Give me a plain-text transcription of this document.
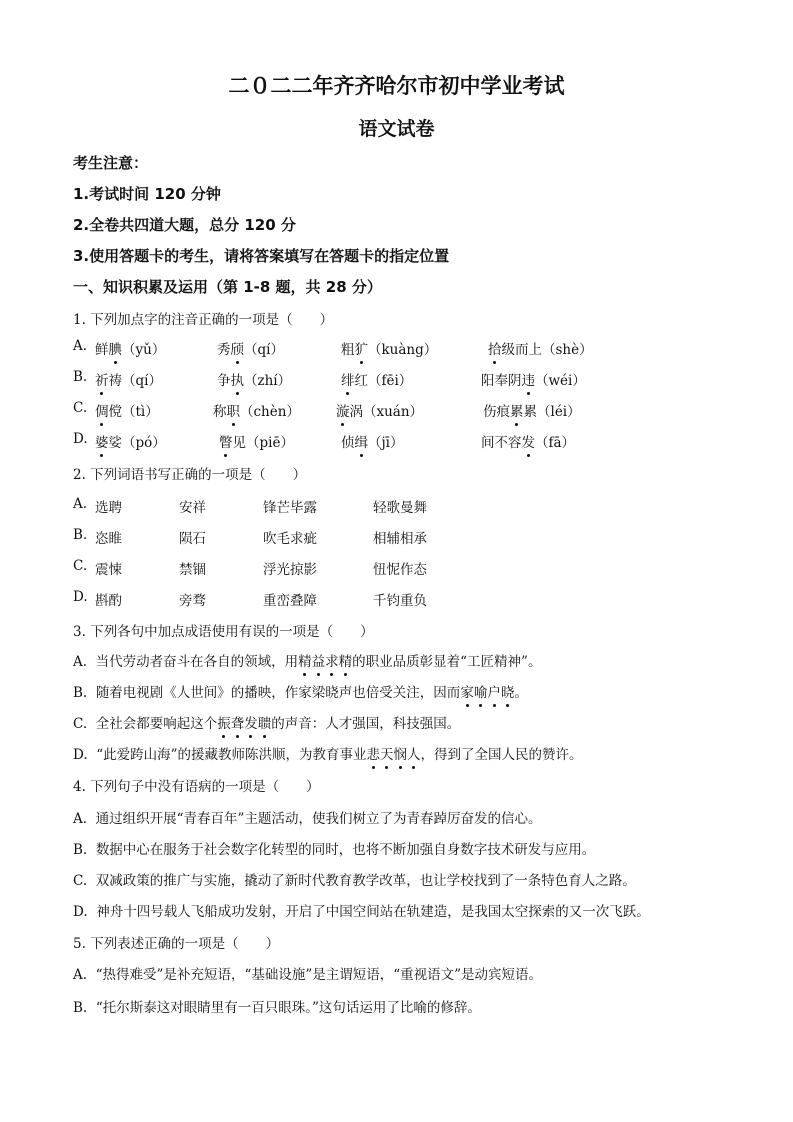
二０二二年齐齐哈尔市初中学业考试
语文试卷
考生注意：
1.考试时间 120 分钟
2.全卷共四道大题，总分 120 分
3.使用答题卡的考生，请将答案填写在答题卡的指定位置
一、知识积累及运用（第 1-8 题，共 28 分）
1. 下列加点字的注音正确的一项是（　　）
A. 鲜腆（yǔ）	秀颀（qí）	粗犷（kuàng）	拾级而上（shè）
B. 祈祷（qí）	争执（zhí）	绯红（fēi）	阳奉阴违（wéi）
C. 倜傥（tì）	称职（chèn）	漩涡（xuán）	伤痕累累（léi）
D. 婆娑（pó）	瞥见（piē）	侦缉（jī）	间不容发（fā）
2. 下列词语书写正确的一项是（　　）
A. 选聘	安祥	锋芒毕露	轻歌曼舞
B. 恣睢	陨石	吹毛求疵	相辅相承
C. 震悚	禁锢	浮光掠影	忸怩作态
D. 斟酌	旁骛	重峦叠障	千钧重负
3. 下列各句中加点成语使用有误的一项是（　　）
A. 当代劳动者奋斗在各自的领域，用精益求精的职业品质彰显着“工匠精神”。
B. 随着电视剧《人世间》的播映，作家梁晓声也倍受关注，因而家喻户晓。
C. 全社会都要响起这个振聋发聩的声音：人才强国，科技强国。
D. “此爱跨山海”的援藏教师陈洪顺，为教育事业悲天悯人，得到了全国人民的赞许。
4. 下列句子中没有语病的一项是（　　）
A. 通过组织开展“青春百年”主题活动，使我们树立了为青春踔厉奋发的信心。
B. 数据中心在服务于社会数字化转型的同时，也将不断加强自身数字技术研发与应用。
C. 双减政策的推广与实施，撬动了新时代教育教学改革，也让学校找到了一条特色育人之路。
D. 神舟十四号载人飞船成功发射，开启了中国空间站在轨建造，是我国太空探索的又一次飞跃。
5. 下列表述正确的一项是（　　）
A. “热得难受”是补充短语，“基础设施”是主谓短语，“重视语文”是动宾短语。
B. “托尔斯泰这对眼睛里有一百只眼珠。”这句话运用了比喻的修辞。
